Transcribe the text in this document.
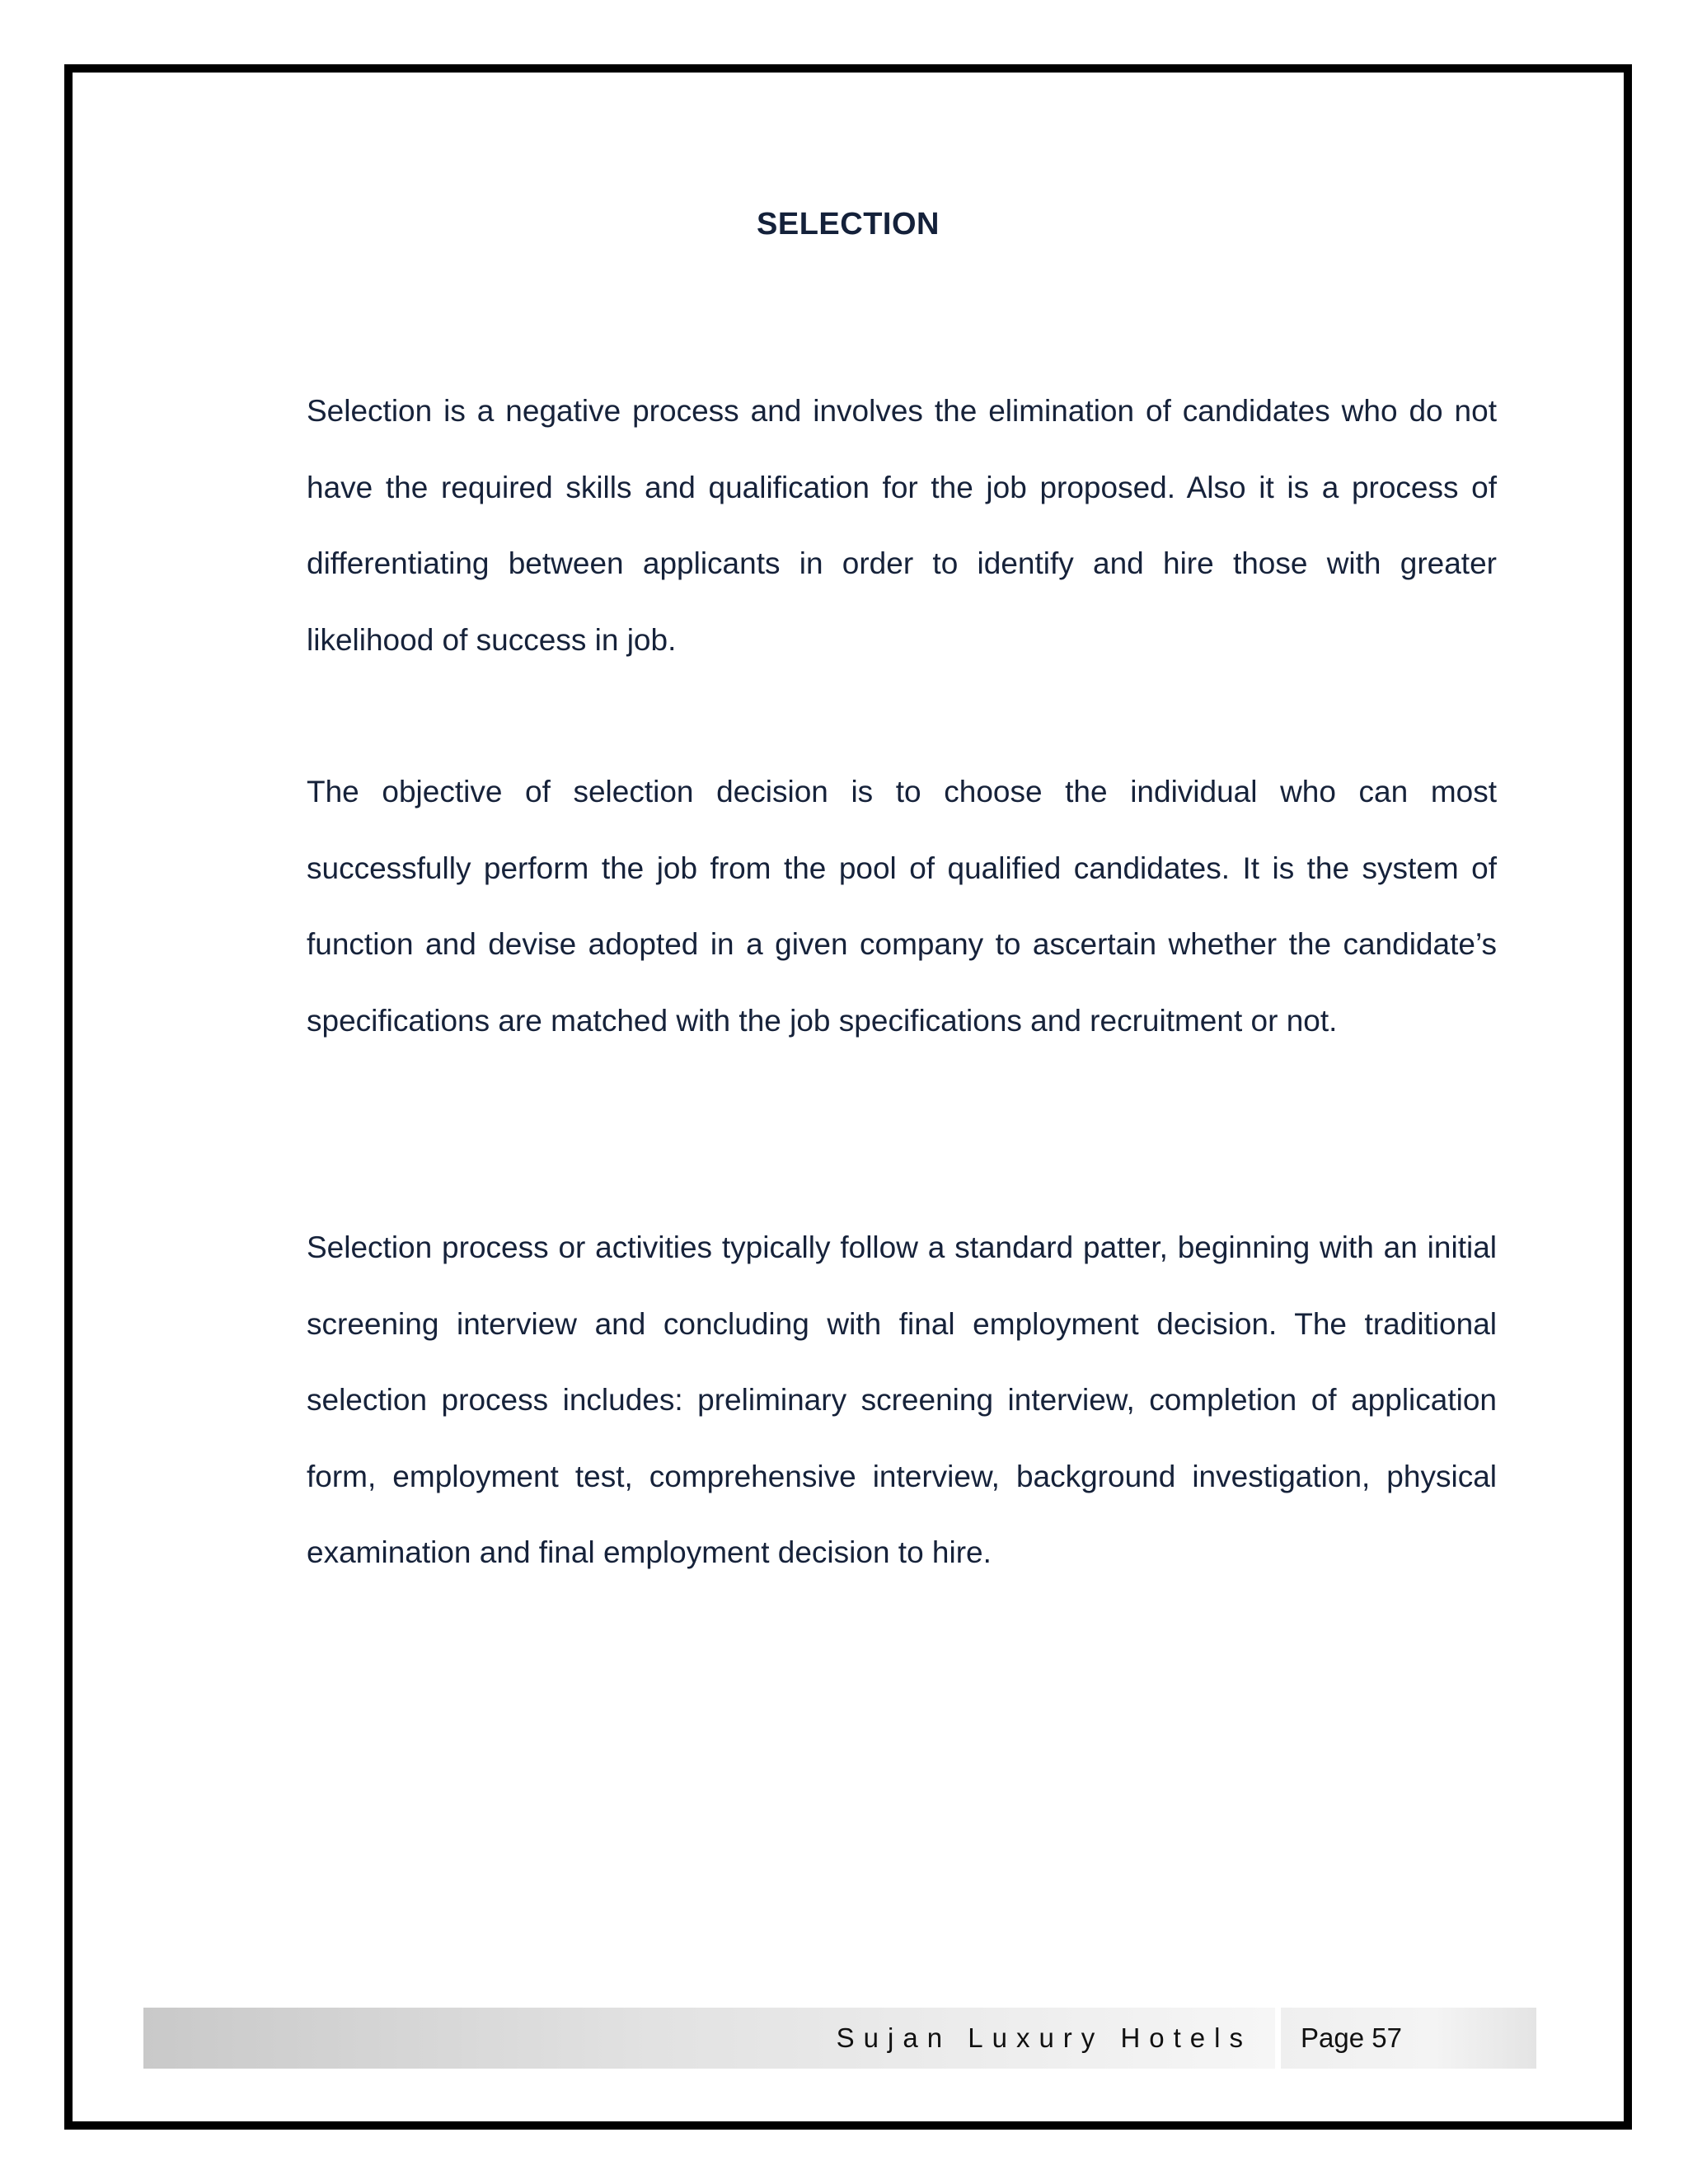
SELECTION

Selection is a negative process and involves the elimination of candidates who do not have the required skills and qualification for the job proposed. Also it is a process of differentiating between applicants in order to identify and hire those with greater likelihood of success in job.

The objective of selection decision is to choose the individual who can most successfully perform the job from the pool of qualified candidates. It is the system of function and devise adopted in a given company to ascertain whether the candidate’s specifications are matched with the job specifications and recruitment or not.

Selection process or activities typically follow a standard patter, beginning with an initial screening interview and concluding with final employment decision. The traditional selection process includes: preliminary screening interview, completion of application form, employment test, comprehensive interview, background investigation, physical examination and final employment decision to hire.

Sujan Luxury Hotels Page 57
